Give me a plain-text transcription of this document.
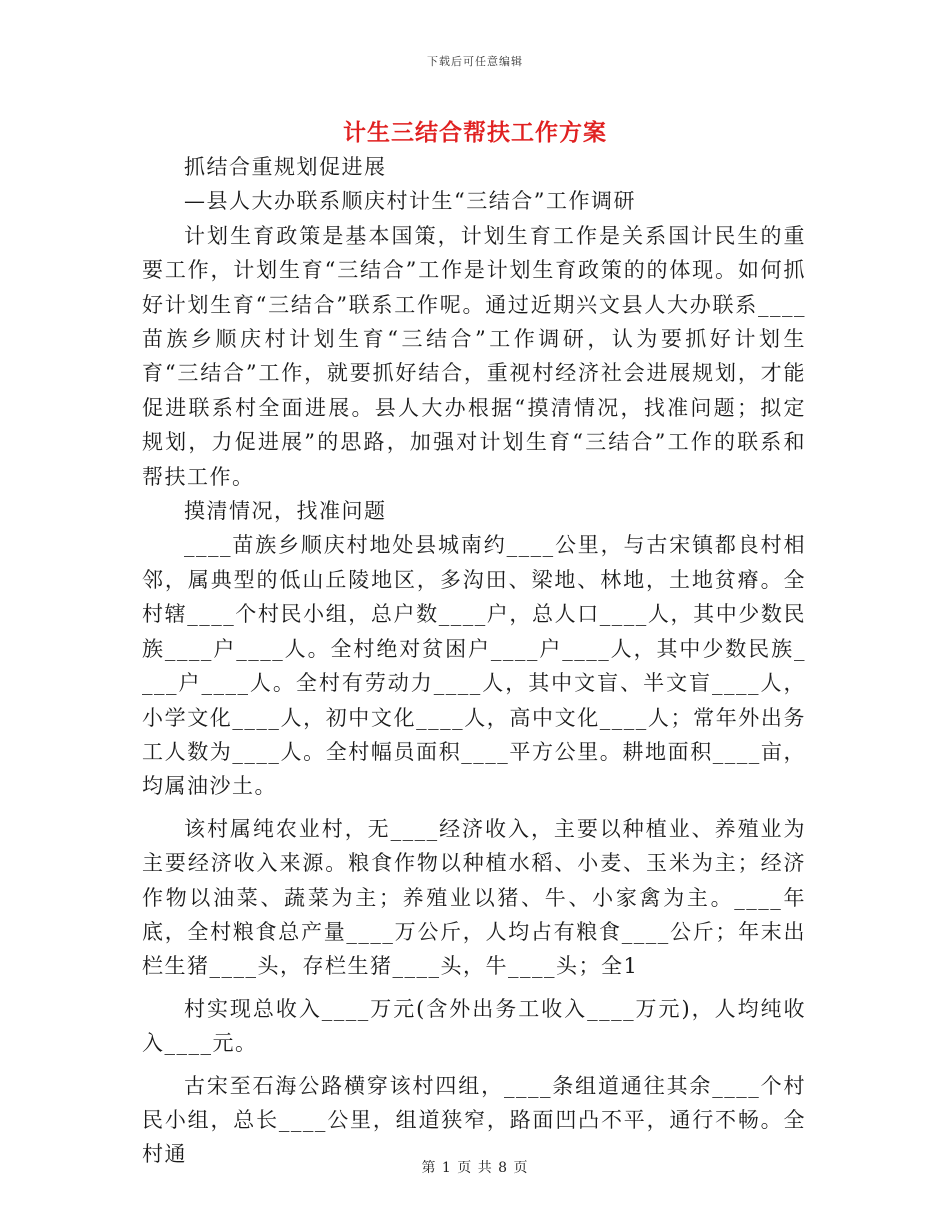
下载后可任意编辑
计生三结合帮扶工作方案

抓结合重规划促进展

—县人大办联系顺庆村计生“三结合”工作调研

计划生育政策是基本国策，计划生育工作是关系国计民生的重要工作，计划生育“三结合”工作是计划生育政策的的体现。如何抓好计划生育“三结合”联系工作呢。通过近期兴文县人大办联系____苗族乡顺庆村计划生育“三结合”工作调研，认为要抓好计划生育“三结合”工作，就要抓好结合，重视村经济社会进展规划，才能促进联系村全面进展。县人大办根据“摸清情况，找准问题；拟定规划，力促进展”的思路，加强对计划生育“三结合”工作的联系和帮扶工作。

摸清情况，找准问题

____苗族乡顺庆村地处县城南约____公里，与古宋镇都良村相邻，属典型的低山丘陵地区，多沟田、梁地、林地，土地贫瘠。全村辖____个村民小组，总户数____户，总人口____人，其中少数民族____户____人。全村绝对贫困户____户____人，其中少数民族____户____人。全村有劳动力____人，其中文盲、半文盲____人，小学文化____人，初中文化____人，高中文化____人；常年外出务工人数为____人。全村幅员面积____平方公里。耕地面积____亩，均属油沙土。

该村属纯农业村，无____经济收入，主要以种植业、养殖业为主要经济收入来源。粮食作物以种植水稻、小麦、玉米为主；经济作物以油菜、蔬菜为主；养殖业以猪、牛、小家禽为主。____年底，全村粮食总产量____万公斤，人均占有粮食____公斤；年末出栏生猪____头，存栏生猪____头，牛____头；全1

村实现总收入____万元(含外出务工收入____万元)，人均纯收入____元。

古宋至石海公路横穿该村四组，____条组道通往其余____个村民小组，总长____公里，组道狭窄，路面凹凸不平，通行不畅。全村通

第 1 页 共 8 页
